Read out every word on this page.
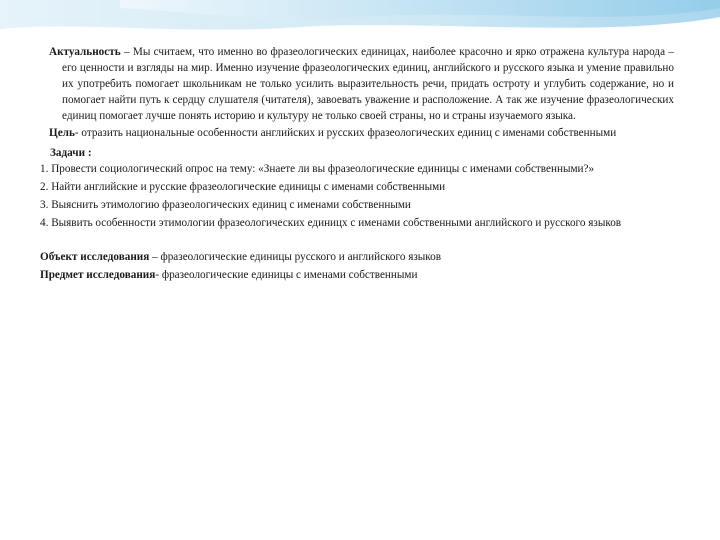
Актуальность – Мы считаем, что именно во фразеологических единицах, наиболее красочно и ярко отражена культура народа – его ценности и взгляды на мир. Именно изучение фразеологических единиц, английского и русского языка и умение правильно их употребить помогает школьникам не только усилить выразительность речи, придать остроту и углубить содержание, но и помогает найти путь к сердцу слушателя (читателя), завоевать уважение и расположение. А так же изучение фразеологических единиц помогает лучше понять историю и культуру не только своей страны, но и страны изучаемого языка.

Цель- отразить национальные особенности английских и русских фразеологических единиц с именами собственными

Задачи :

1. Провести социологический опрос на тему: «Знаете ли вы фразеологические единицы с именами собственными?»

2. Найти английские и русские фразеологические единицы с именами собственными

3. Выяснить этимологию фразеологических единиц с именами собственными

4. Выявить особенности этимологии фразеологических единицх с именами собственными английского и русского языков

Объект исследования – фразеологические единицы русского и английского языков

Предмет исследования- фразеологические единицы с именами собственными
